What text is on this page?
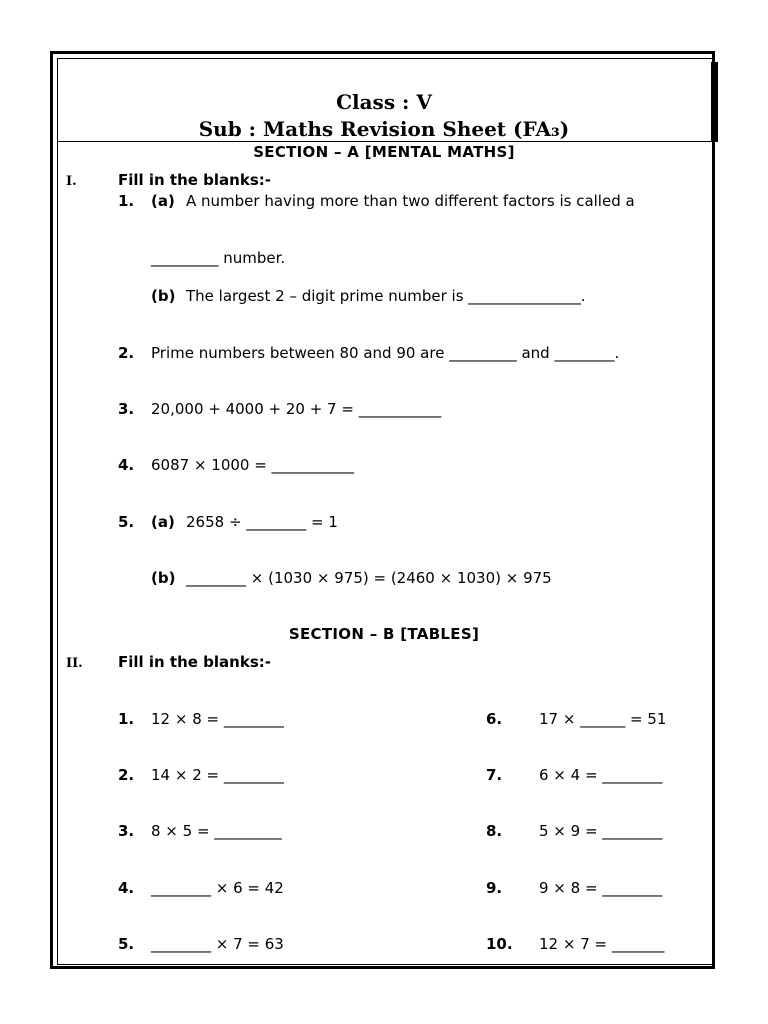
Class : V
Sub : Maths Revision Sheet (FA₃)
SECTION – A [MENTAL MATHS]
I.	Fill in the blanks:-
1. (a) A number having more than two different factors is called a
_________ number.
(b) The largest 2 – digit prime number is _______________.
2. Prime numbers between 80 and 90 are _________ and ________.
3. 20,000 + 4000 + 20 + 7 = ___________
4. 6087 × 1000 = ___________
5. (a) 2658 ÷ ________ = 1
(b) ________ × (1030 × 975) = (2460 × 1030) × 975
SECTION – B [TABLES]
II. Fill in the blanks:-
1. 12 × 8 = ________
2. 14 × 2 = ________
3. 8 × 5 = _________
4. ________ × 6 = 42
5. ________ × 7 = 63
6. 17 × ______ = 51
7. 6 × 4 = ________
8. 5 × 9 = ________
9. 9 × 8 = ________
10. 12 × 7 = _______
